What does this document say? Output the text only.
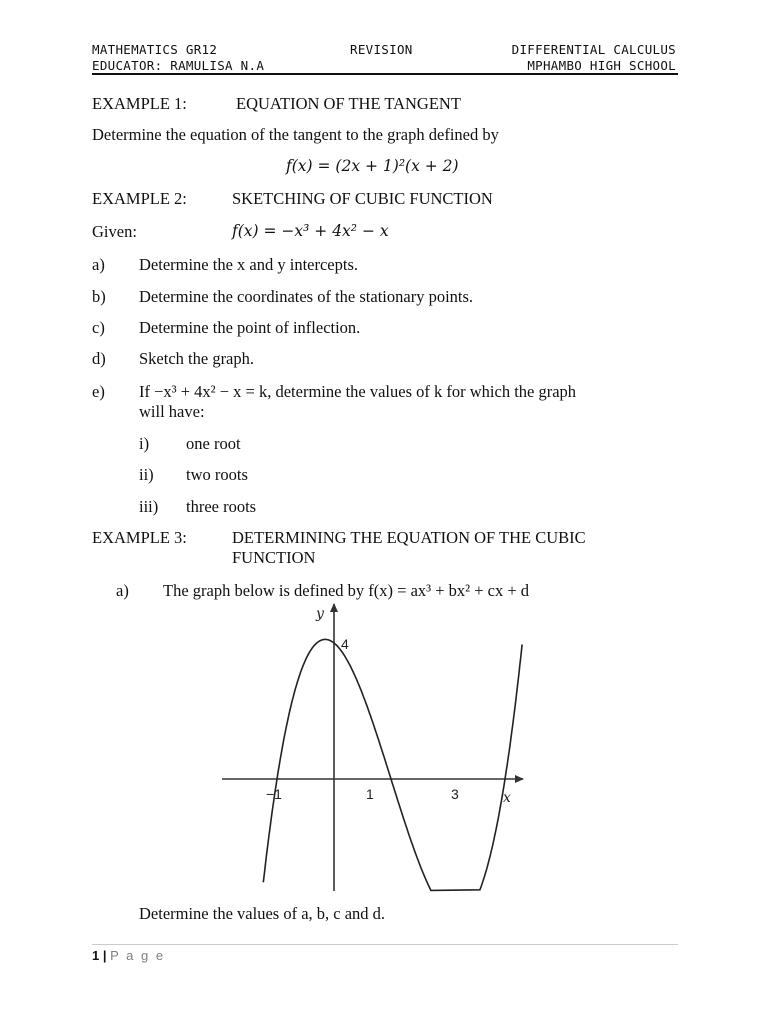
MATHEMATICS GR12	REVISION	DIFFERENTIAL CALCULUS
EDUCATOR: RAMULISA N.A	MPHAMBO HIGH SCHOOL
EXAMPLE 1:	EQUATION OF THE TANGENT
Determine the equation of the tangent to the graph defined by
f(x) = (2x + 1)²(x + 2)
EXAMPLE 2:	SKETCHING OF CUBIC FUNCTION
Given:	f(x) = −x³ + 4x² − x
a) Determine the x and y intercepts.
b) Determine the coordinates of the stationary points.
c) Determine the point of inflection.
d) Sketch the graph.
e) If −x³ + 4x² − x = k, determine the values of k for which the graph
will have:
i) one root
ii) two roots
iii) three roots
EXAMPLE 3:	DETERMINING THE EQUATION OF THE CUBIC
FUNCTION
a) The graph below is defined by f(x) = ax³ + bx² + cx + d
y
x
4
−1	1	3
Determine the values of a, b, c and d.
1 | P a g e
